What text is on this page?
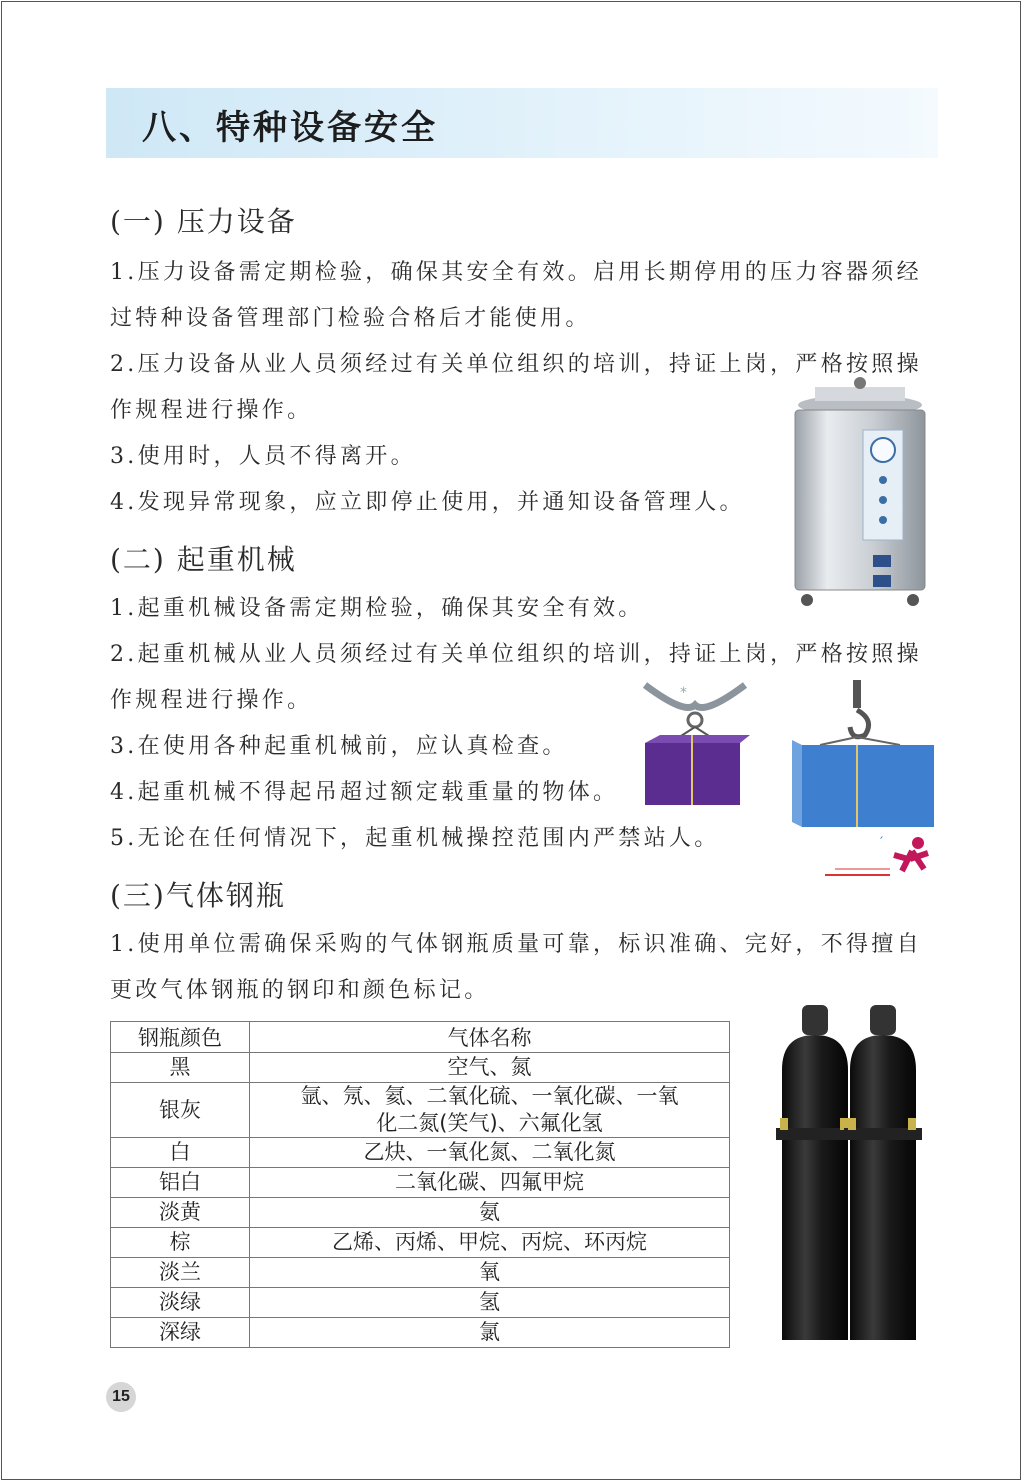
八、特种设备安全
(一) 压力设备
1.压力设备需定期检验，确保其安全有效。启用长期停用的压力容器须经过特种设备管理部门检验合格后才能使用。
2.压力设备从业人员须经过有关单位组织的培训，持证上岗，严格按照操作规程进行操作。
3.使用时，人员不得离开。
4.发现异常现象，应立即停止使用，并通知设备管理人。
(二) 起重机械
1.起重机械设备需定期检验，确保其安全有效。
2.起重机械从业人员须经过有关单位组织的培训，持证上岗，严格按照操作规程进行操作。
3.在使用各种起重机械前，应认真检查。
4.起重机械不得起吊超过额定载重量的物体。
5.无论在任何情况下，起重机械操控范围内严禁站人。
(三)气体钢瓶
1.使用单位需确保采购的气体钢瓶质量可靠，标识准确、完好，不得擅自更改气体钢瓶的钢印和颜色标记。
钢瓶颜色	气体名称
黑	空气、氮
银灰	氩、氖、氦、二氧化硫、一氧化碳、一氧化二氮(笑气)、六氟化氢
白	乙炔、一氧化氮、二氧化氮
铝白	二氧化碳、四氟甲烷
淡黄	氨
棕	乙烯、丙烯、甲烷、丙烷、环丙烷
淡兰	氧
淡绿	氢
深绿	氯
*
′
15
